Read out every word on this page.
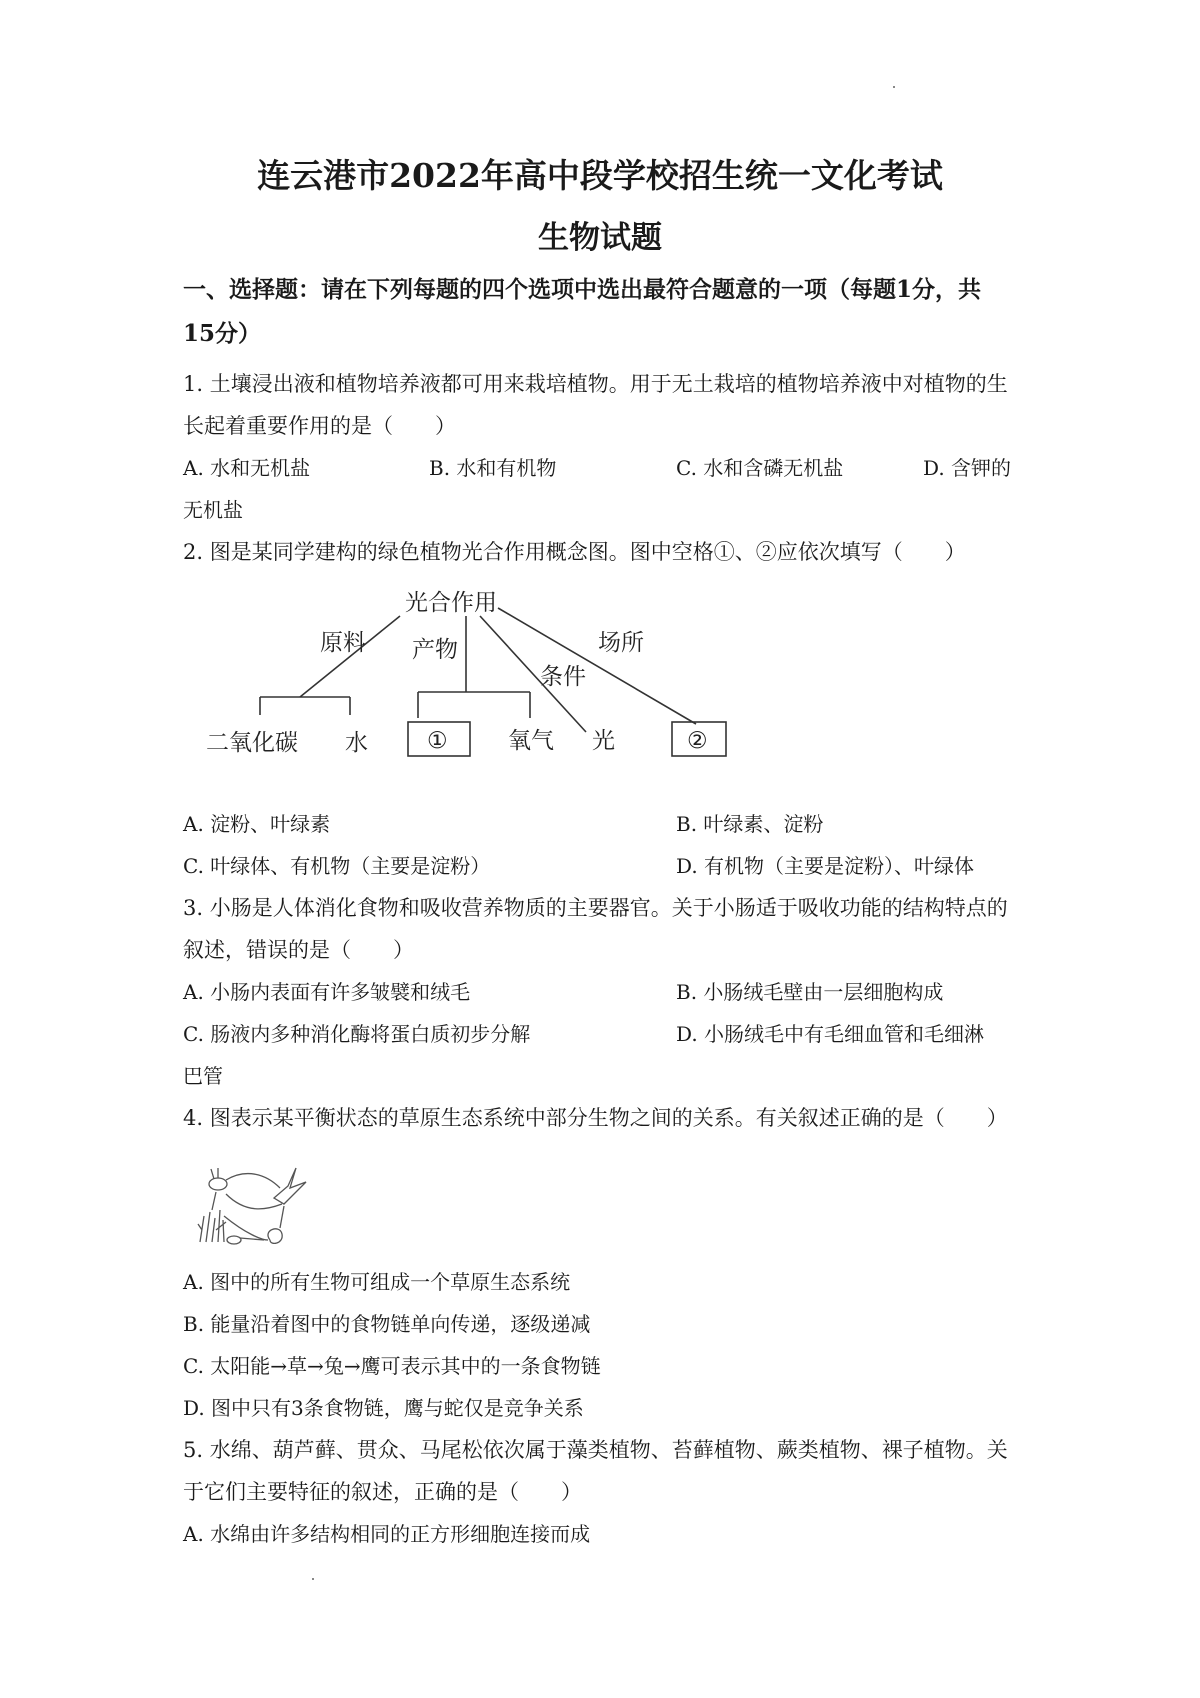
连云港市2022年高中段学校招生统一文化考试
生物试题
一、选择题：请在下列每题的四个选项中选出最符合题意的一项（每题1分，共
15分）
1. 土壤浸出液和植物培养液都可用来栽培植物。用于无土栽培的植物培养液中对植物的生
长起着重要作用的是（　　）
A. 水和无机盐	B. 水和有机物	C. 水和含磷无机盐	D. 含钾的
无机盐
2. 图是某同学建构的绿色植物光合作用概念图。图中空格①、②应依次填写（　　）
光合作用
原料 产物
条件
场所
二氧化碳 水	①	氧气 光	②
A. 淀粉、叶绿素	B. 叶绿素、淀粉
C. 叶绿体、有机物（主要是淀粉）	D. 有机物（主要是淀粉）、叶绿体
3. 小肠是人体消化食物和吸收营养物质的主要器官。关于小肠适于吸收功能的结构特点的
叙述，错误的是（　　）
A. 小肠内表面有许多皱襞和绒毛	B. 小肠绒毛壁由一层细胞构成
C. 肠液内多种消化酶将蛋白质初步分解	D. 小肠绒毛中有毛细血管和毛细淋
巴管
4. 图表示某平衡状态的草原生态系统中部分生物之间的关系。有关叙述正确的是（　　）
A. 图中的所有生物可组成一个草原生态系统
B. 能量沿着图中的食物链单向传递，逐级递减
C. 太阳能→草→兔→鹰可表示其中的一条食物链
D. 图中只有3条食物链，鹰与蛇仅是竞争关系
5. 水绵、葫芦藓、贯众、马尾松依次属于藻类植物、苔藓植物、蕨类植物、裸子植物。关
于它们主要特征的叙述，正确的是（　　）
A. 水绵由许多结构相同的正方形细胞连接而成
